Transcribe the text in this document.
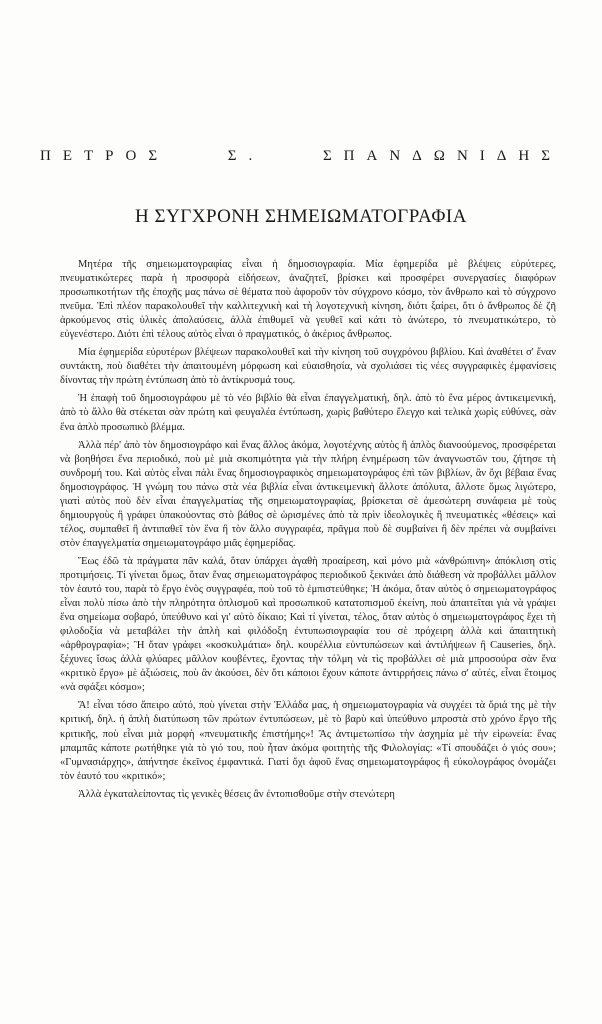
ΠΕΤΡΟΣ	Σ.	ΣΠΑΝΔΩΝΙΔΗΣ
Η ΣΥΓΧΡΟΝΗ ΣΗΜΕΙΩΜΑΤΟΓΡΑΦΙΑ

Μητέρα τῆς σημειωματογραφίας εἶναι ἡ δημοσιογραφία. Μία ἐφημερίδα μὲ βλέψεις εὐρύτερες, πνευματικώτερες παρὰ ἡ προσφορὰ εἰδήσεων, ἀναζητεῖ, βρίσκει καὶ προσφέρει συνεργασίες διαφόρων προσωπικοτήτων τῆς ἐποχῆς μας πάνω σὲ θέματα ποὺ ἀφοροῦν τὸν σύγχρονο κόσμο, τὸν ἄνθρωπο καὶ τὸ σύγχρονο πνεῦμα. Ἐπὶ πλέον παρακολουθεῖ τὴν καλλιτεχνικὴ καὶ τὴ λογοτεχνικὴ κίνηση, διότι ξαίρει, ὅτι ὁ ἄνθρωπος δὲ ζῆ ἀρκούμενος στὶς ὑλικὲς ἀπολαύσεις, ἀλλὰ ἐπιθυμεῖ νὰ γευθεῖ καὶ κάτι τὸ ἀνώτερο, τὸ πνευματικώτερο, τὸ εὐγενέστερο. Διότι ἐπὶ τέλους αὐτὸς εἶναι ὁ πραγματικός, ὁ ἀκέριος ἄνθρωπος.

Μία ἐφημερίδα εὐρυτέρων βλέψεων παρακολουθεῖ καὶ τὴν κίνηση τοῦ συγχρόνου βιβλίου. Καὶ ἀναθέτει σ' ἕναν συντάκτη, ποὺ διαθέτει τὴν ἀπαιτουμένη μόρφωση καὶ εὐαισθησία, νὰ σχολιάσει τὶς νέες συγγραφικὲς ἐμφανίσεις δίνοντας τὴν πρώτη ἐντύπωση ἀπὸ τὸ ἀντίκρυσμά τους.

Ἡ ἐπαφὴ τοῦ δημοσιογράφου μὲ τὸ νέο βιβλίο θὰ εἶναι ἐπαγγελματική, δηλ. ἀπὸ τὸ ἕνα μέρος ἀντικειμενική, ἀπὸ τὸ ἄλλο θὰ στέκεται σὰν πρώτη καὶ φευγαλέα ἐντύπωση, χωρὶς βαθύτερο ἔλεγχο καὶ τελικὰ χωρὶς εὐθύνες, σὰν ἕνα ἁπλὸ προσωπικὸ βλέμμα.

Ἀλλὰ πέρ' ἀπὸ τὸν δημοσιογράφο καὶ ἕνας ἄλλος ἀκόμα, λογοτέχνης αὐτὸς ἢ ἁπλὸς διανοούμενος, προσφέρεται νὰ βοηθήσει ἕνα περιοδικό, ποὺ μὲ μιὰ σκοπιμότητα γιὰ τὴν πλήρη ἐνημέρωση τῶν ἀναγνωστῶν του, ζήτησε τὴ συνδρομή του. Καὶ αὐτὸς εἶναι πάλι ἕνας δημοσιογραφικὸς σημειωματογράφος ἐπὶ τῶν βιβλίων, ἂν ὄχι βέβαια ἕνας δημοσιογράφος. Ἡ γνώμη του πάνω στὰ νέα βιβλία εἶναι ἀντικειμενικὴ ἄλλοτε ἀπόλυτα, ἄλλοτε ὅμως λιγώτερο, γιατὶ αὐτὸς ποὺ δὲν εἶναι ἐπαγγελματίας τῆς σημειωματογραφίας, βρίσκεται σὲ ἀμεσώτερη συνάφεια μὲ τοὺς δημιουργοὺς ἢ γράφει ὑπακούοντας στὸ βάθος σὲ ὡρισμένες ἀπὸ τὰ πρὶν ἰδεολογικὲς ἢ πνευματικὲς «θέσεις» καὶ τέλος, συμπαθεῖ ἢ ἀντιπαθεῖ τὸν ἕνα ἢ τὸν ἄλλο συγγραφέα, πρᾶγμα ποὺ δὲ συμβαίνει ἢ δὲν πρέπει νὰ συμβαίνει στὸν ἐπαγγελματία σημειωματογράφο μιᾶς ἐφημερίδας.

Ἕως ἐδῶ τὰ πράγματα πᾶν καλά, ὅταν ὑπάρχει ἀγαθὴ προαίρεση, καὶ μόνο μιὰ «ἀνθρώπινη» ἀπόκλιση στὶς προτιμήσεις. Τί γίνεται ὅμως, ὅταν ἕνας σημειωματογράφος περιοδικοῦ ξεκινάει ἀπὸ διάθεση νὰ προβάλλει μᾶλλον τὸν ἑαυτό του, παρὰ τὸ ἔργο ἑνὸς συγγραφέα, ποὺ τοῦ τὸ ἐμπιστεύθηκε; Ἡ ἀκόμα, ὅταν αὐτὸς ὁ σημειωματογράφος εἶναι πολὺ πίσω ἀπὸ τὴν πληρότητα ὁπλισμοῦ καὶ προσωπικοῦ κατατοπισμοῦ ἐκείνη, ποὺ ἀπαιτεῖται γιὰ νὰ γράψει ἕνα σημείωμα σοβαρό, ὑπεύθυνο καὶ γι' αὐτὸ δίκαιο; Καὶ τί γίνεται, τέλος, ὅταν αὐτὸς ὁ σημειωματογράφος ἔχει τὴ φιλοδοξία νὰ μεταβάλει τὴν ἁπλὴ καὶ φιλόδοξη ἐντυπωσιογραφία του σὲ πρόχειρη ἀλλὰ καὶ ἀπαιτητικὴ «ἀρθρογραφία»; Ἢ ὅταν γράφει «κοσκυλμάτια» δηλ. κουρέλλια εὐντυπώσεων καὶ ἀντιλήψεων ἢ Causeries, δηλ. ξέχυνες ἴσως ἀλλὰ φλύαρες μᾶλλον κουβέντες, ἔχοντας τὴν τόλμη νὰ τὶς προβάλλει σὲ μιὰ μπροσούρα σὰν ἕνα «κριτικὸ ἔργο» μὲ ἀξιώσεις, ποὺ ἂν ἀκούσει, δὲν ὅτι κάποιοι ἔχουν κάποτε ἀντιρρήσεις πάνω σ' αὐτές, εἶναι ἕτοιμος «νὰ σφάξει κόσμο»;

Ἄ! εἶναι τόσο ἄπειρο αὐτό, ποὺ γίνεται στὴν Ἑλλάδα μας, ἡ σημειωματογραφία νὰ συγχέει τὰ ὅριά της μὲ τὴν κριτική, δηλ. ἡ ἁπλὴ διατύπωση τῶν πρώτων ἐντυπώσεων, μὲ τὸ βαρὺ καὶ ὑπεύθυνο μπροστὰ στὸ χρόνο ἔργο τῆς κριτικῆς, ποὺ εἶναι μιὰ μορφὴ «πνευματικῆς ἐπιστήμης»! Ἂς ἀντιμετωπίσω τὴν ἀσχημία μὲ τὴν εἰρωνεία: ἕνας μπαμπᾶς κάποτε ρωτήθηκε γιὰ τὸ γιό του, ποὺ ἦταν ἀκόμα φοιτητὴς τῆς Φιλολογίας: «Τί σπουδάζει ὁ γιός σου»; «Γυμνασιάρχης», ἀπήντησε ἐκεῖνος ἐμφαντικά. Γιατί ὄχι ἀφοῦ ἕνας σημειωματογράφος ἢ εὐκολογράφος ὀνομάζει τὸν ἑαυτό του «κριτικό»;

Ἀλλὰ ἐγκαταλείποντας τὶς γενικὲς θέσεις ἂν ἐντοπισθοῦμε στὴν στενώτερη
